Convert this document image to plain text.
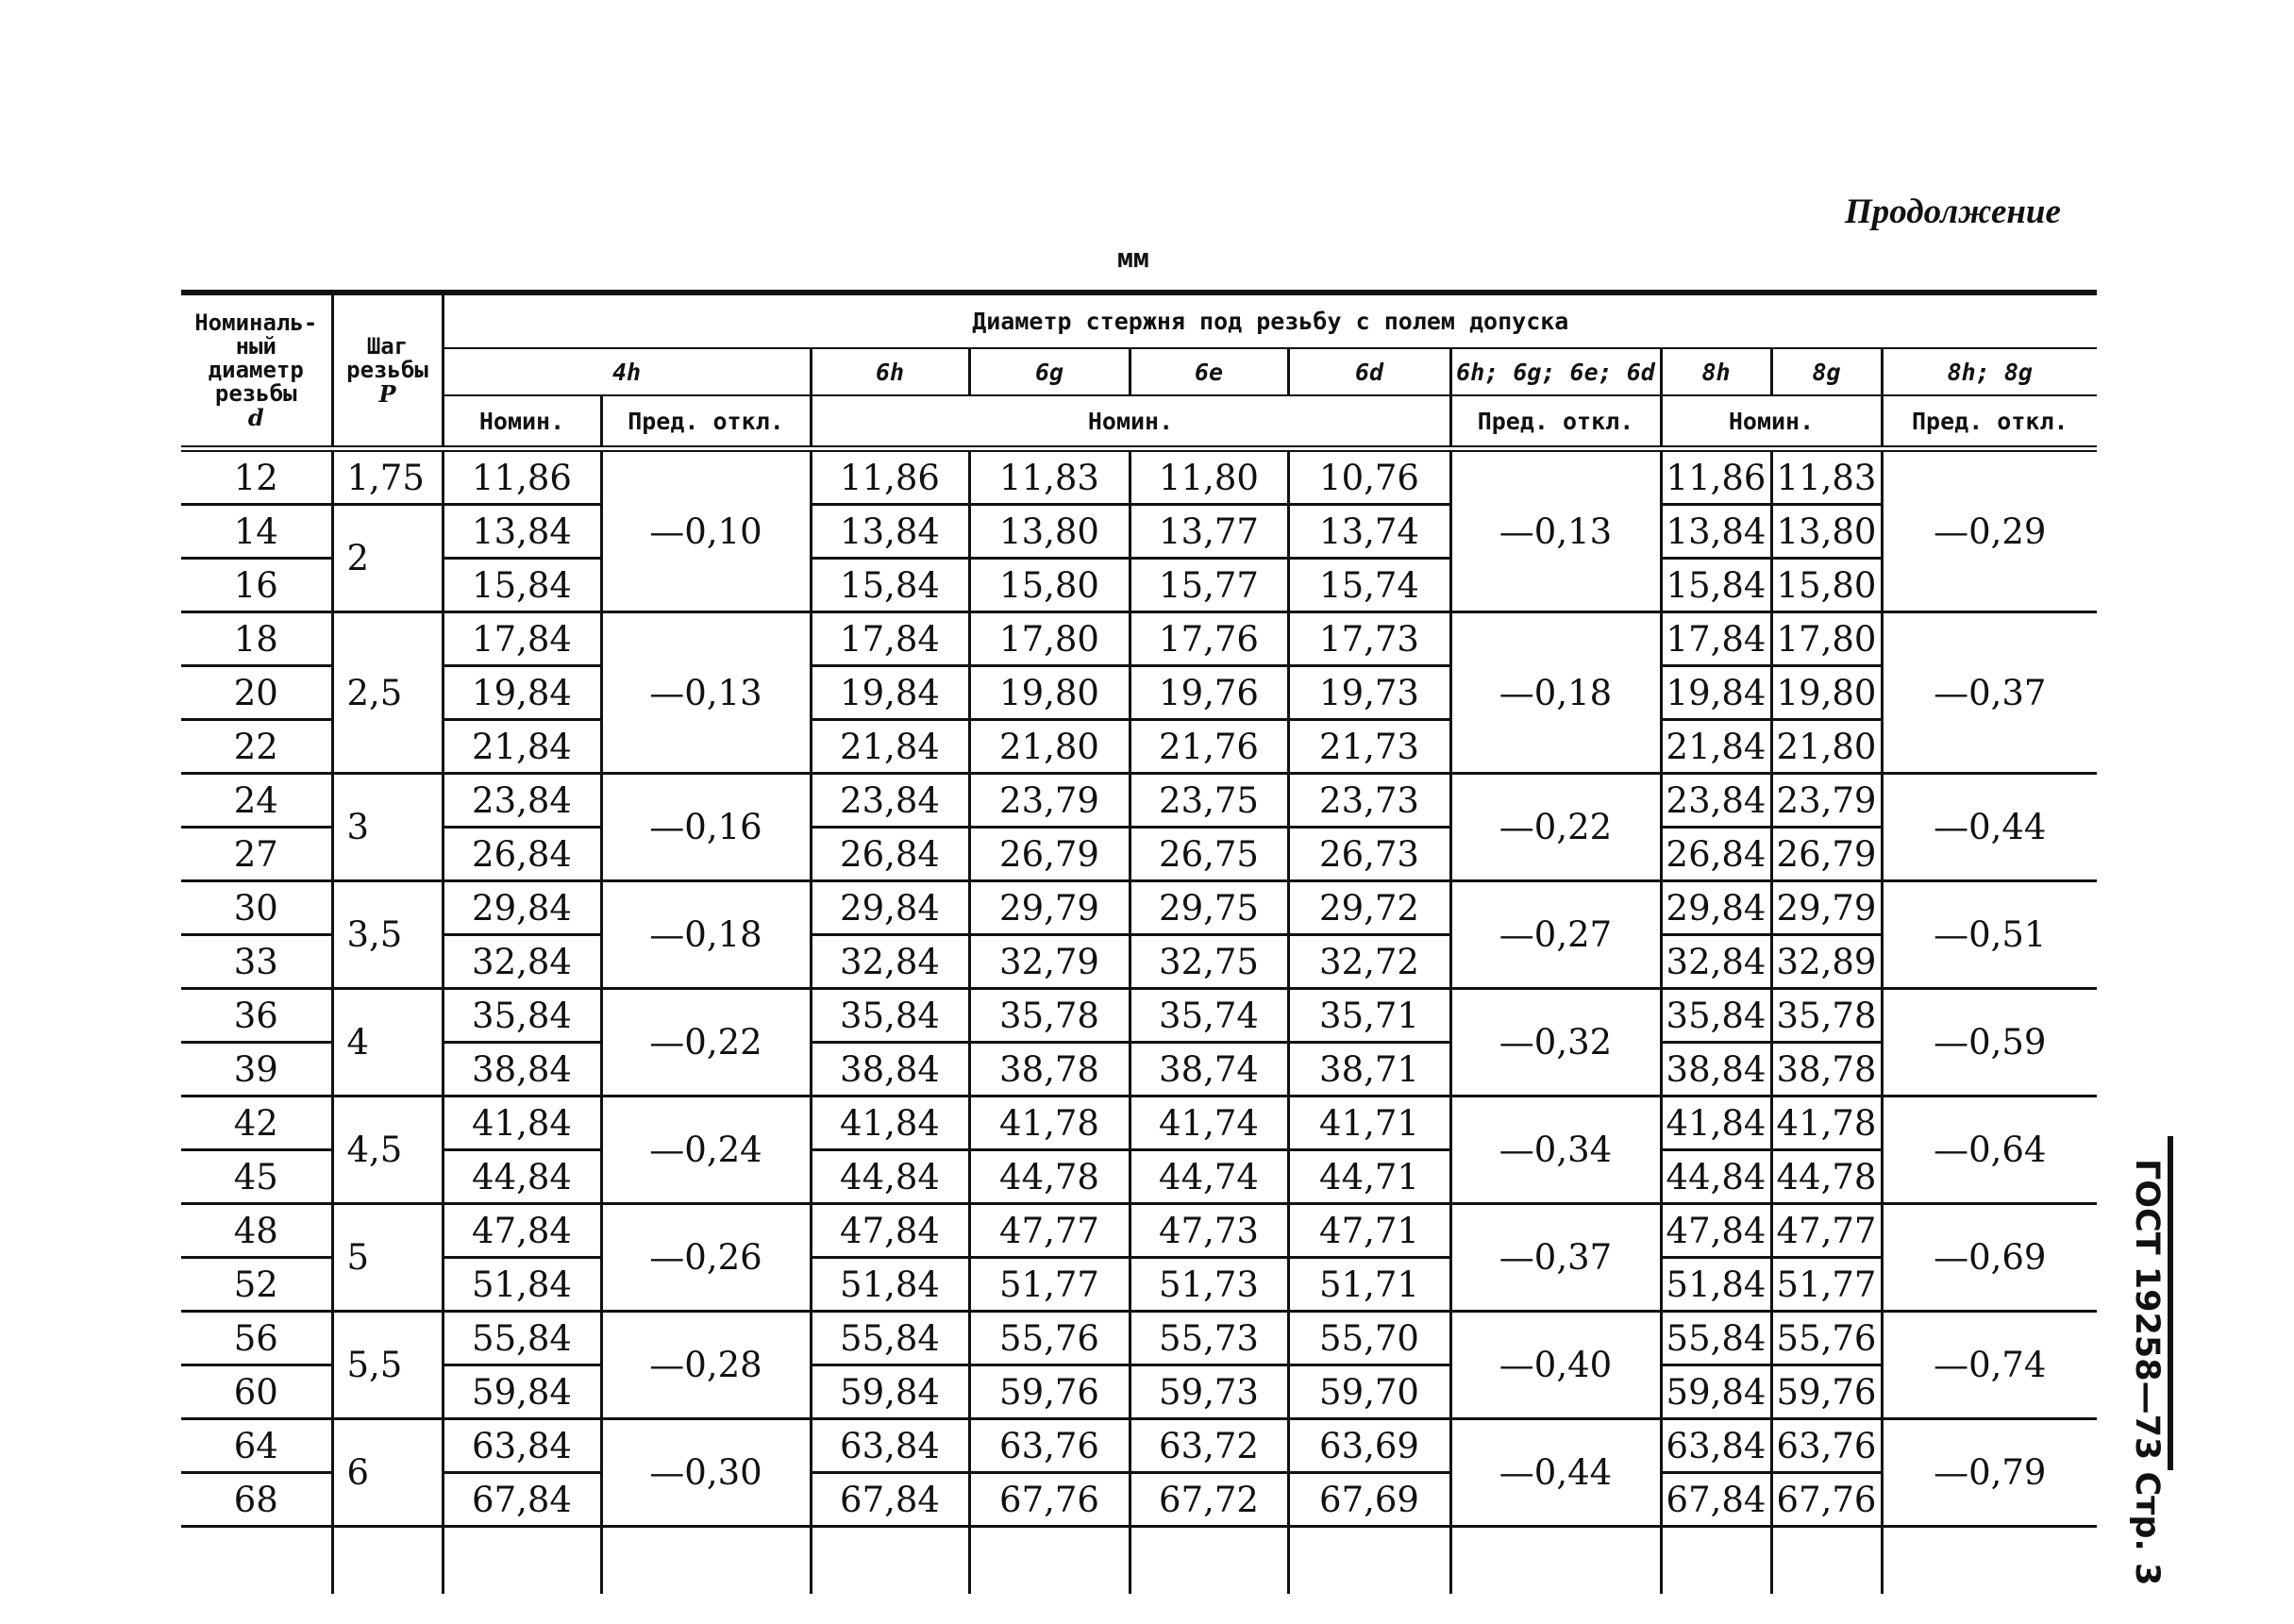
Продолжение
мм
ГОСТ 19258—73 Стр. 3
Номиналь-ный диаметр резьбы
d	Шаг резьбы
P	Диаметр стержня под резьбу с полем допуска									
		4h		6h	6g	6e	6d	6h; 6g; 6e; 6d	8h	8g	8h; 8g
		Номин.	Пред. откл.	Номин.				Пред. откл.	Номин.		Пред. откл.
12	1,75	11,86	—0,10	11,86	11,83	11,80	10,76	—0,13	11,86	11,83	—0,29
14	2	13,84		13,84	13,80	13,77	13,74		13,84	13,80	
16		15,84		15,84	15,80	15,77	15,74		15,84	15,80	
18	2,5	17,84	—0,13	17,84	17,80	17,76	17,73	—0,18	17,84	17,80	—0,37
20		19,84		19,84	19,80	19,76	19,73		19,84	19,80	
22		21,84		21,84	21,80	21,76	21,73		21,84	21,80	
24	3	23,84	—0,16	23,84	23,79	23,75	23,73	—0,22	23,84	23,79	—0,44
27		26,84		26,84	26,79	26,75	26,73		26,84	26,79	
30	3,5	29,84	—0,18	29,84	29,79	29,75	29,72	—0,27	29,84	29,79	—0,51
33		32,84		32,84	32,79	32,75	32,72		32,84	32,89	
36	4	35,84	—0,22	35,84	35,78	35,74	35,71	—0,32	35,84	35,78	—0,59
39		38,84		38,84	38,78	38,74	38,71		38,84	38,78	
42	4,5	41,84	—0,24	41,84	41,78	41,74	41,71	—0,34	41,84	41,78	—0,64
45		44,84		44,84	44,78	44,74	44,71		44,84	44,78	
48	5	47,84	—0,26	47,84	47,77	47,73	47,71	—0,37	47,84	47,77	—0,69
52		51,84		51,84	51,77	51,73	51,71		51,84	51,77	
56	5,5	55,84	—0,28	55,84	55,76	55,73	55,70	—0,40	55,84	55,76	—0,74
60		59,84		59,84	59,76	59,73	59,70		59,84	59,76	
64	6	63,84	—0,30	63,84	63,76	63,72	63,69	—0,44	63,84	63,76	—0,79
68		67,84		67,84	67,76	67,72	67,69		67,84	67,76	
